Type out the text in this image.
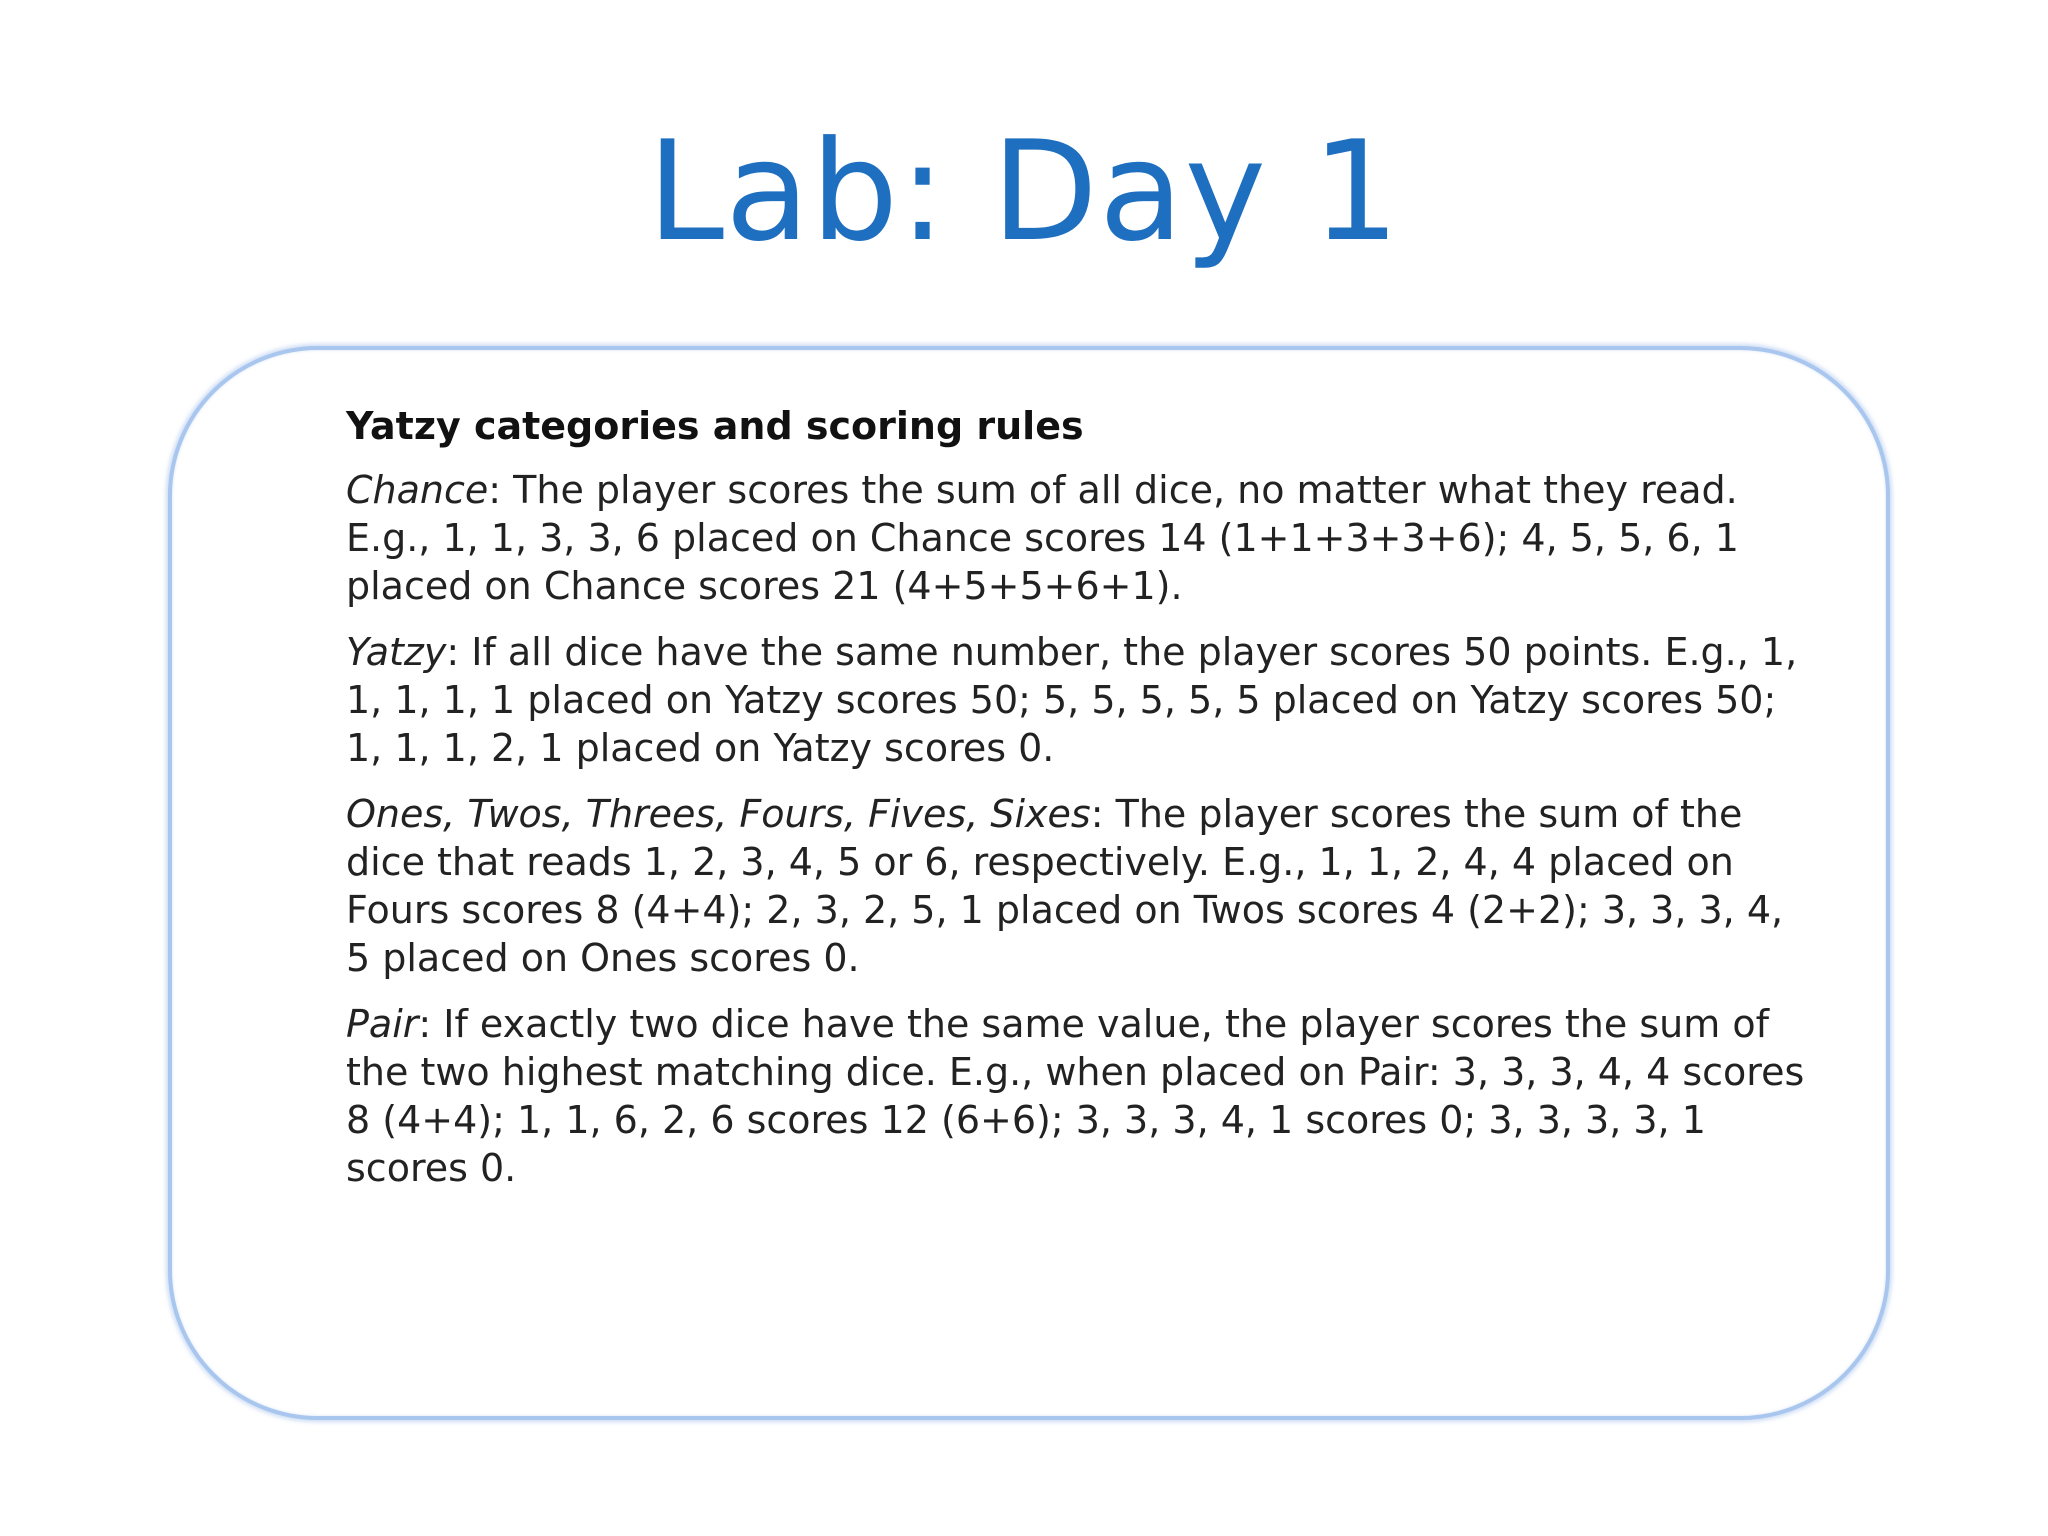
Lab: Day 1

Yatzy categories and scoring rules

Chance: The player scores the sum of all dice, no matter what they read. E.g., 1, 1, 3, 3, 6 placed on Chance scores 14 (1+1+3+3+6); 4, 5, 5, 6, 1 placed on Chance scores 21 (4+5+5+6+1).

Yatzy: If all dice have the same number, the player scores 50 points. E.g., 1, 1, 1, 1, 1 placed on Yatzy scores 50; 5, 5, 5, 5, 5 placed on Yatzy scores 50; 1, 1, 1, 2, 1 placed on Yatzy scores 0.

Ones, Twos, Threes, Fours, Fives, Sixes: The player scores the sum of the dice that reads 1, 2, 3, 4, 5 or 6, respectively. E.g., 1, 1, 2, 4, 4 placed on Fours scores 8 (4+4); 2, 3, 2, 5, 1 placed on Twos scores 4 (2+2); 3, 3, 3, 4, 5 placed on Ones scores 0.

Pair: If exactly two dice have the same value, the player scores the sum of the two highest matching dice. E.g., when placed on Pair: 3, 3, 3, 4, 4 scores 8 (4+4); 1, 1, 6, 2, 6 scores 12 (6+6); 3, 3, 3, 4, 1 scores 0; 3, 3, 3, 3, 1 scores 0.
